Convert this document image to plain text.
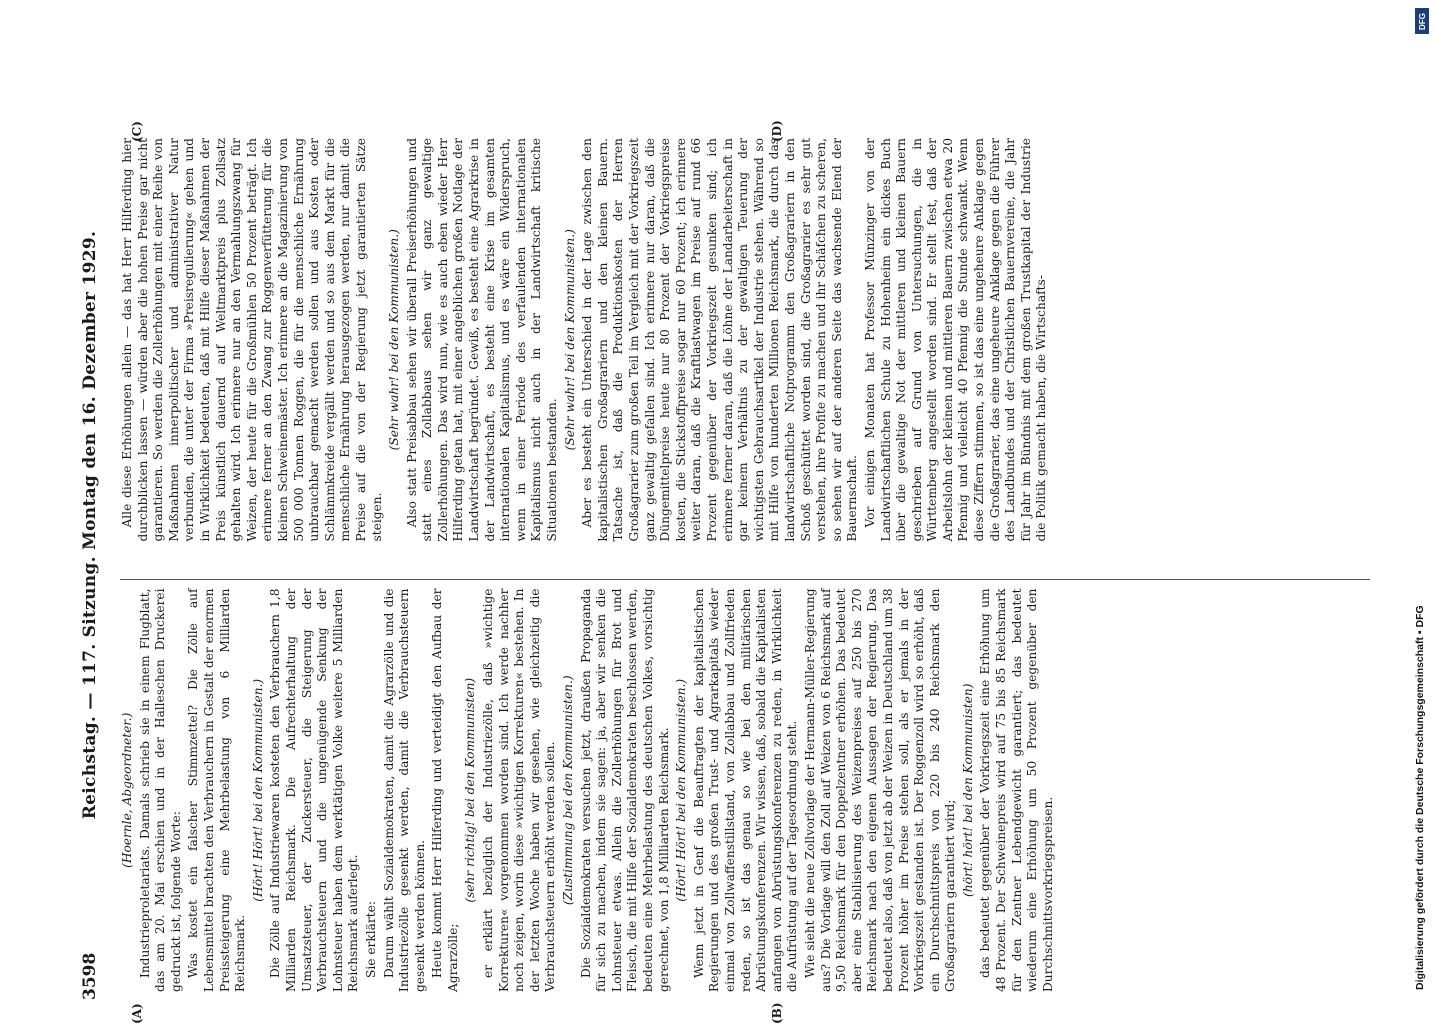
3598
Reichstag. — 117. Sitzung. Montag den 16. Dezember 1929. (Hoernle, Abgeordneter.) Industrieproletariats. Damals schrieb sie in einem Flugblatt, das am 20. Mai erschien und in der Halleschen Druckerei gedruckt ist, folgende Worte: Was kostet ein falscher Stimmzettel? Die Zölle auf Lebensmittel brachten den Verbrauchern in Gestalt der enormen Preissteigerung eine Mehrbelastung von 6 Milliarden Reichsmark.

(Hört! Hört! bei den Kommunisten.) Die Zölle auf Industriewaren kosteten den Verbrauchern 1,8 Milliarden Reichsmark. Die Aufrechterhaltung der Umsatzsteuer, der Zuckersteuer, die Steigerung der Verbrauchsteuern und die ungenügende Senkung der Lohnsteuer haben dem werktätigen Volke weitere 5 Milliarden Reichsmark auferlegt. Sie erklärte: Darum wählt Sozialdemokraten, damit die Agrarzölle und die Industriezölle gesenkt werden, damit die Verbrauchsteuern gesenkt werden können. Heute kommt Herr Hilferding und verteidigt den Aufbau der Agrarzölle;

(sehr richtig! bei den Kommunisten) er erklärt bezüglich der Industriezölle, daß »wichtige Korrekturen« vorgenommen worden sind. Ich werde nachher noch zeigen, worin diese »wichtigen Korrekturen« bestehen. In der letzten Woche haben wir gesehen, wie gleichzeitig die Verbrauchsteuern erhöht werden sollen. (Zustimmung bei den Kommunisten.) Die Sozialdemokraten versuchen jetzt, draußen Propaganda für sich zu machen, indem sie sagen: ja, aber wir senken die Lohnsteuer etwas. Allein die Zollerhöhungen für Brot und Fleisch, die mit Hilfe der Sozialdemokraten beschlossen werden, bedeuten eine Mehrbelastung des deutschen Volkes, vorsichtig gerechnet, von 1,8 Milliarden Reichsmark. (Hört! Hört! bei den Kommunisten.) Wenn jetzt in Genf die Beauftragten der kapitalistischen Regierungen und des großen Trust- und Agrarkapitals wieder einmal von Zollwaffenstillstand, von Zollabbau und Zollfrieden reden, so ist das genau so wie bei den militärischen Abrüstungskonferenzen. Wir wissen, daß, sobald die Kapitalisten anfangen von Abrüstungskonferenzen zu reden, in Wirklichkeit die Aufrüstung auf der Tagesordnung steht. Wie sieht die neue Zollvorlage der Hermann-Müller-Regierung aus? Die Vorlage will den Zoll auf Weizen von 6 Reichsmark auf 9,50 Reichsmark für den Doppelzentner erhöhen. Das bedeutet aber eine Stabilisierung des Weizenpreises auf 250 bis 270 Reichsmark nach den eigenen Aussagen der Regierung. Das bedeutet also, daß von jetzt ab der Weizen in Deutschland um 38 Prozent höher im Preise stehen soll, als er jemals in der Vorkriegszeit gestanden ist. Der Roggenzoll wird so erhöht, daß ein Durchschnittspreis von 220 bis 240 Reichsmark den Großagrariern garantiert wird; (hört! hört! bei den Kommunisten) das bedeutet gegenüber der Vorkriegszeit eine Erhöhung um 48 Prozent. Der Schweinepreis wird auf 75 bis 85 Reichsmark für den Zentner Lebendgewicht garantiert; das bedeutet wiederum eine Erhöhung um 50 Prozent gegenüber den Durchschnittsvorkriegspreisen.

Alle diese Erhöhungen allein — das hat Herr Hilferding hier durchblicken lassen — würden aber die hohen Preise gar nicht garantieren. So werden die Zollerhöhungen mit einer Reihe von Maßnahmen innerpolitischer und administrativer Natur verbunden, die unter der Firma »Preisregulierung« gehen und in Wirklichkeit bedeuten, daß mit Hilfe dieser Maßnahmen der Preis künstlich dauernd auf Weltmarktpreis plus Zollsatz gehalten wird. Ich erinnere nur an den Vermahlungszwang für Weizen, der heute für die Großmühlen 50 Prozent beträgt. Ich erinnere ferner an den Zwang zur Roggenverfütterung für die kleinen Schweinemäster. Ich erinnere an die Magazinierung von 500 000 Tonnen Roggen, die für die menschliche Ernährung unbrauchbar gemacht werden sollen und aus Kosten oder Schlämmkreide vergällt werden und so aus dem Markt für die menschliche Ernährung herausgezogen werden, nur damit die Preise auf die von der Regierung jetzt garantierten Sätze steigen.

(Sehr wahr! bei den Kommunisten.) Also statt Preisabbau sehen wir überall Preiserhöhungen und statt eines Zollabbaus sehen wir ganz gewaltige Zollerhöhungen. Das wird nun, wie es auch eben wieder Herr Hilferding getan hat, mit einer angeblichen großen Notlage der Landwirtschaft begründet. Gewiß, es besteht eine Agrarkrise in der Landwirtschaft, es besteht eine Krise im gesamten internationalen Kapitalismus, und es wäre ein Widerspruch, wenn in einer Periode des verfaulenden internationalen Kapitalismus nicht auch in der Landwirtschaft kritische Situationen bestanden.

(Sehr wahr! bei den Kommunisten.) Aber es besteht ein Unterschied in der Lage zwischen den kapitalistischen Großagrariern und den kleinen Bauern. Tatsache ist, daß die Produktionskosten der Herren Großagrarier zum großen Teil im Vergleich mit der Vorkriegszeit ganz gewaltig gefallen sind. Ich erinnere nur daran, daß die Düngemittelpreise heute nur 80 Prozent der Vorkriegspreise kosten, die Stickstoffpreise sogar nur 60 Prozent; ich erinnere weiter daran, daß die Kraftlastwagen im Preise auf rund 66 Prozent gegenüber der Vorkriegszeit gesunken sind; ich erinnere ferner daran, daß die Löhne der Landarbeiterschaft in gar keinem Verhältnis zu der gewaltigen Teuerung der wichtigsten Gebrauchsartikel der Industrie stehen. Während so mit Hilfe von hunderten Millionen Reichsmark, die durch das landwirtschaftliche Notprogramm den Großagrariern in den Schoß geschüttet worden sind, die Großagrarier es sehr gut verstehen, ihre Profite zu machen und ihr Schäfchen zu scheren, so sehen wir auf der anderen Seite das wachsende Elend der Bauernschaft. Vor einigen Monaten hat Professor Münzinger von der Landwirtschaftlichen Schule zu Hohenheim ein dickes Buch über die gewaltige Not der mittleren und kleinen Bauern geschrieben auf Grund von Untersuchungen, die in Württemberg angestellt worden sind. Er stellt fest, daß der Arbeitslohn der kleinen und mittleren Bauern zwischen etwa 20 Pfennig und vielleicht 40 Pfennig die Stunde schwankt. Wenn diese Ziffern stimmen, so ist das eine ungeheure Anklage gegen die Großagrarier, das eine ungeheure Anklage gegen die Führer des Landbundes und der Christlichen Bauernvereine, die Jahr für Jahr im Bündnis mit dem großen Trustkapital der Industrie die Politik gemacht haben, die Wirtschafts-

(A)	(B)
(C)	(D)
DFG
Digitalisierung gefördert durch die Deutsche Forschungsgemeinschaft ▪ DFG
